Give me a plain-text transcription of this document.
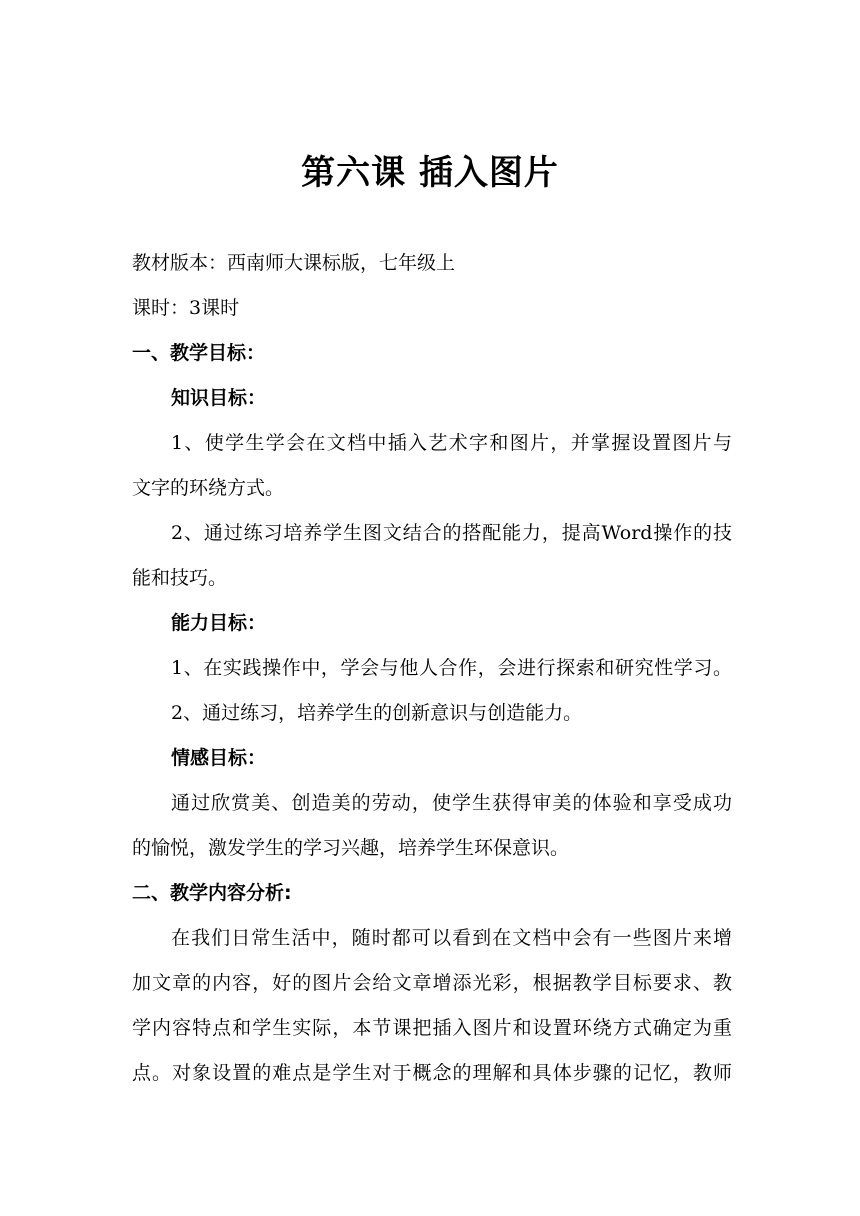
第六课 插入图片
教材版本：西南师大课标版，七年级上
课时：3课时
一、教学目标：
知识目标：
1、使学生学会在文档中插入艺术字和图片，并掌握设置图片与
文字的环绕方式。
2、通过练习培养学生图文结合的搭配能力，提高Word操作的技
能和技巧。
能力目标：
1、在实践操作中，学会与他人合作，会进行探索和研究性学习。
2、通过练习，培养学生的创新意识与创造能力。
情感目标：
通过欣赏美、创造美的劳动，使学生获得审美的体验和享受成功
的愉悦，激发学生的学习兴趣，培养学生环保意识。
二、教学内容分析:
在我们日常生活中，随时都可以看到在文档中会有一些图片来增
加文章的内容，好的图片会给文章增添光彩，根据教学目标要求、教
学内容特点和学生实际，本节课把插入图片和设置环绕方式确定为重
点。对象设置的难点是学生对于概念的理解和具体步骤的记忆，教师
